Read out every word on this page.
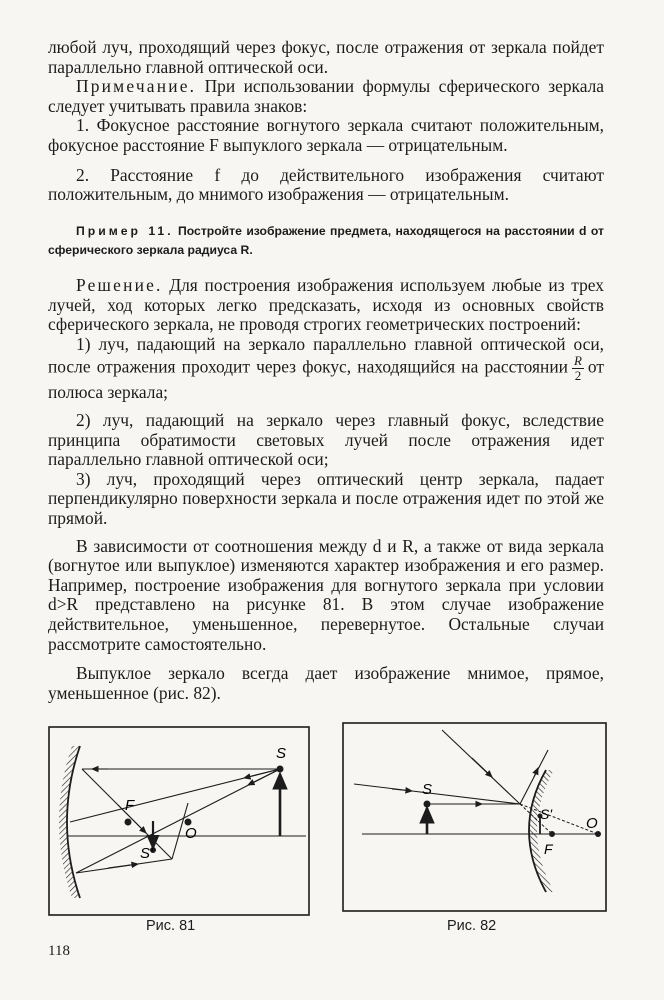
любой луч, проходящий через фокус, после отражения от зеркала пойдет параллельно главной оптической оси.

Примечание. При использовании формулы сферического зеркала следует учитывать правила знаков:

1. Фокусное расстояние вогнутого зеркала считают положительным, фокусное расстояние F выпуклого зеркала — отрицательным.

2. Расстояние f до действительного изображения считают положительным, до мнимого изображения — отрицательным.

Пример 11. Постройте изображение предмета, находящегося на расстоянии d от сферического зеркала радиуса R.

Решение. Для построения изображения используем любые из трех лучей, ход которых легко предсказать, исходя из основных свойств сферического зеркала, не проводя строгих геометрических построений:

1) луч, падающий на зеркало параллельно главной оптической оси, после отражения проходит через фокус, находящийся на расстоянии $\frac{R}{2}$ от полюса зеркала;

2) луч, падающий на зеркало через главный фокус, вследствие принципа обратимости световых лучей после отражения идет параллельно главной оптической оси;

3) луч, проходящий через оптический центр зеркала, падает перпендикулярно поверхности зеркала и после отражения идет по этой же прямой.

В зависимости от соотношения между d и R, а также от вида зеркала (вогнутое или выпуклое) изменяются характер изображения и его размер. Например, построение изображения для вогнутого зеркала при условии d>R представлено на рисунке 81. В этом случае изображение действительное, уменьшенное, перевернутое. Остальные случаи рассмотрите самостоятельно.

Выпуклое зеркало всегда дает изображение мнимое, прямое, уменьшенное (рис. 82).

S
F
O
S'
Рис. 81
S
S'
F
O
Рис. 82
118
